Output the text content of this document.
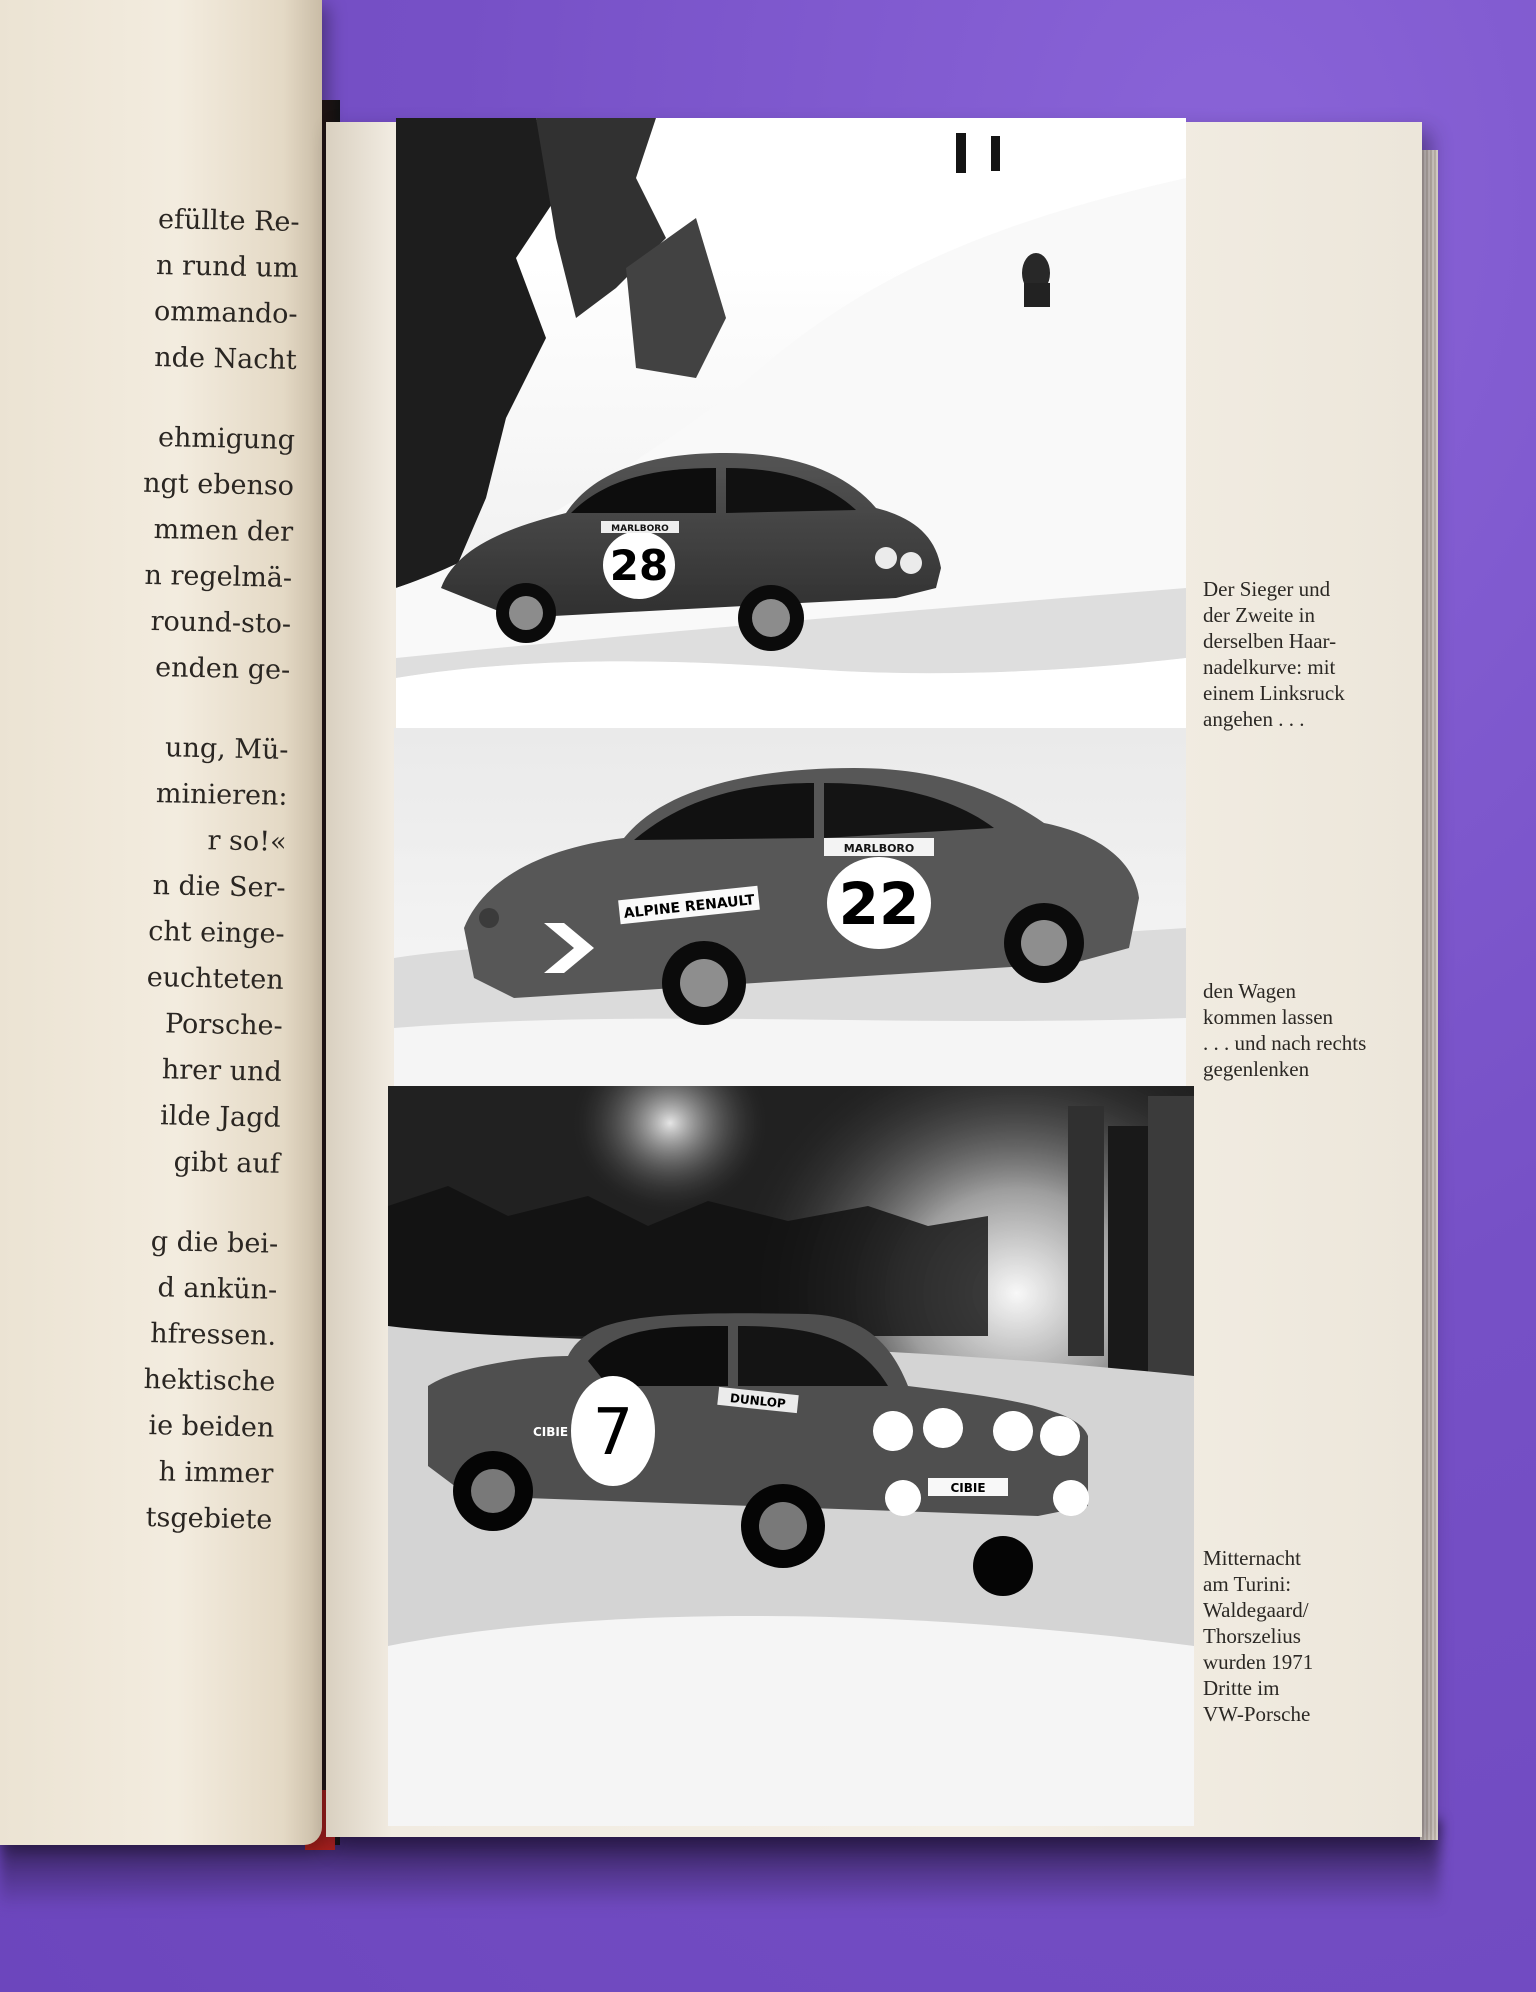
efüllte Re-
n rund um
ommando-
nde Nacht
ehmigung
ngt ebenso
mmen der
n regelmä-
round-sto-
enden ge-
ung, Mü-
minieren:
r so!«
n die Ser-
cht einge-
euchteten
Porsche-
hrer und
ilde Jagd
gibt auf
g die bei-
d ankün-
hfressen.
hektische
ie beiden
h immer
tsgebiete
28
MARLBORO
MARLBORO
22
ALPINE RENAULT
7	DUNLOP
CIBIE
CIBIE
Der Sieger und
der Zweite in
derselben Haar-
nadelkurve: mit
einem Linksruck
angehen . . .
den Wagen
kommen lassen
. . . und nach rechts
gegenlenken
Mitternacht
am Turini:
Waldegaard/
Thorszelius
wurden 1971
Dritte im
VW-Porsche
